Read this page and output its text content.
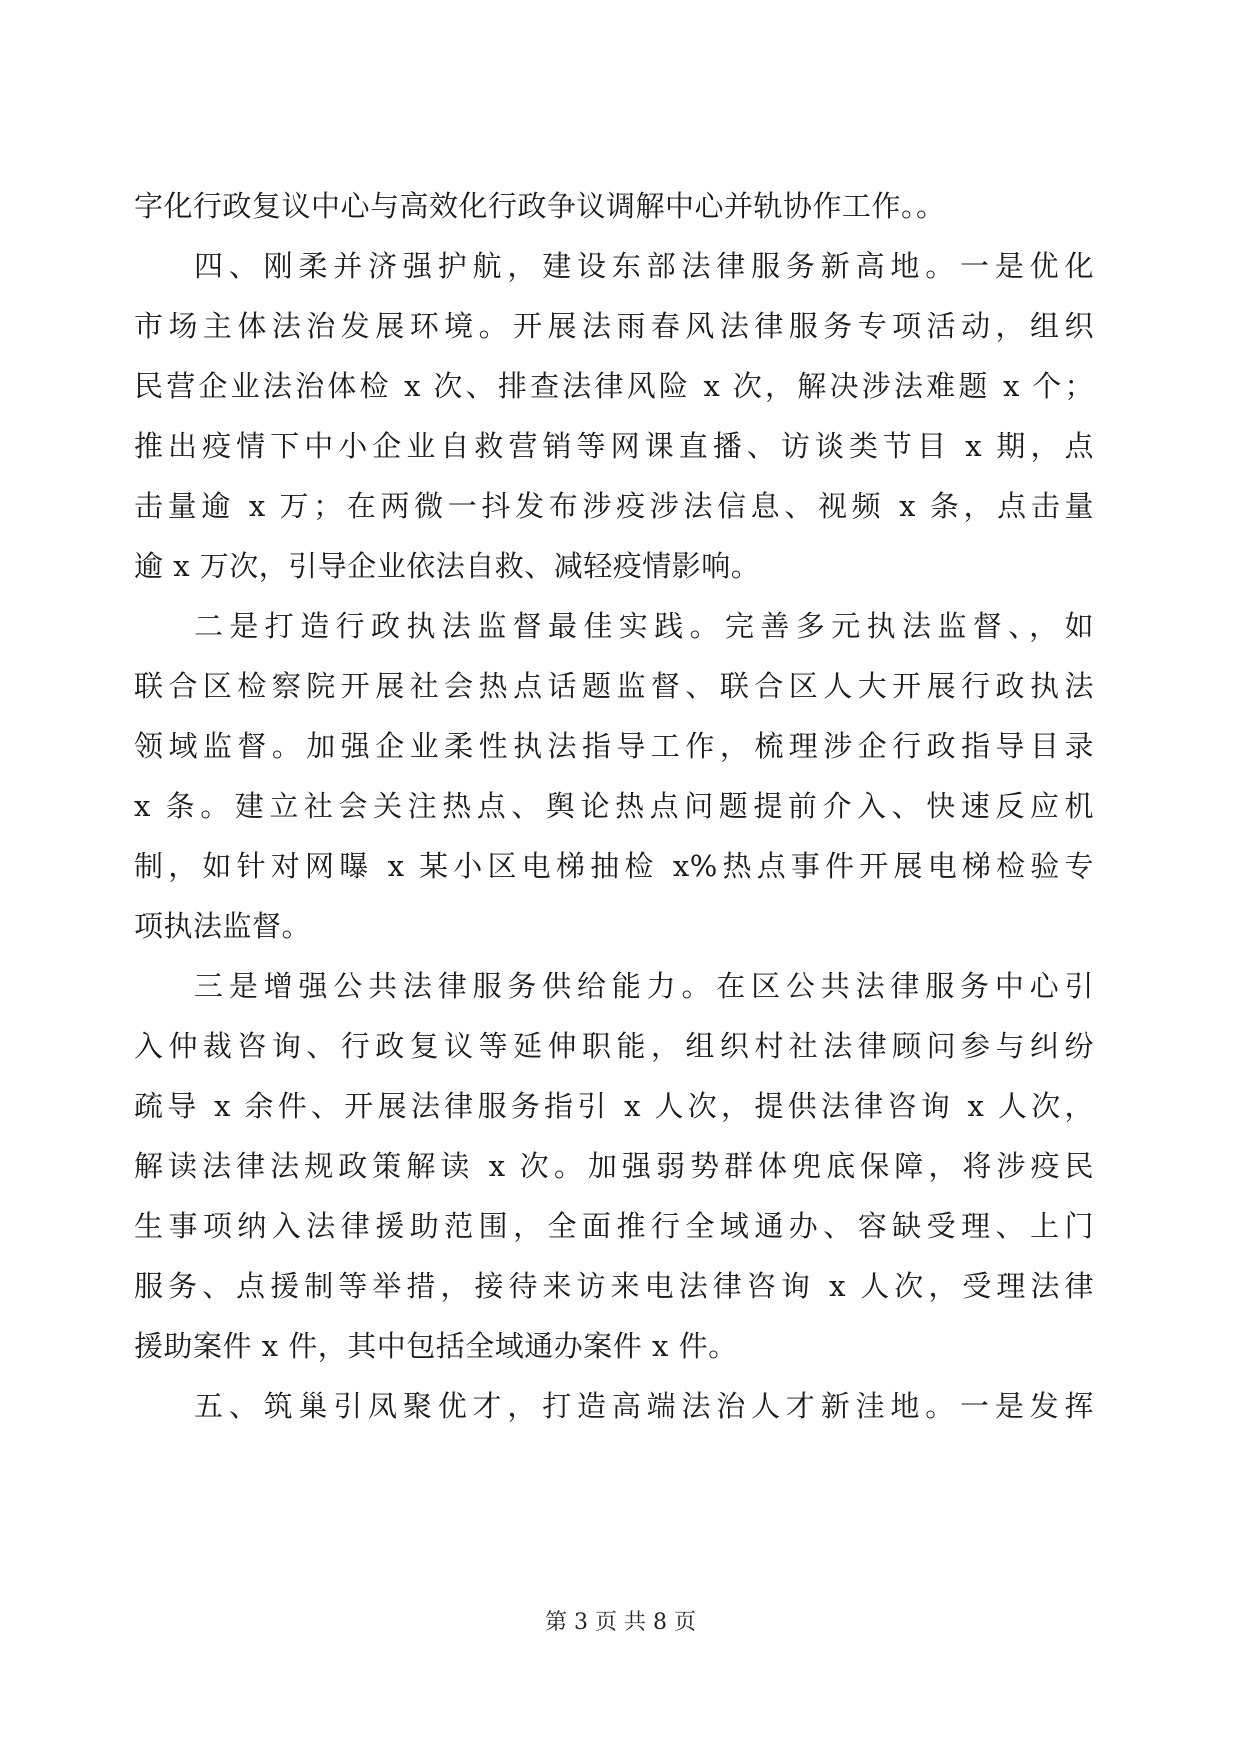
字化行政复议中心与高效化行政争议调解中心并轨协作工作。。
四、刚柔并济强护航，建设东部法律服务新高地。一是优化
市场主体法治发展环境。开展法雨春风法律服务专项活动，组织
民营企业法治体检 x 次、排查法律风险 x 次，解决涉法难题 x 个；
推出疫情下中小企业自救营销等网课直播、访谈类节目 x 期，点
击量逾 x 万；在两微一抖发布涉疫涉法信息、视频 x 条，点击量
逾 x 万次，引导企业依法自救、减轻疫情影响。
二是打造行政执法监督最佳实践。完善多元执法监督、，如
联合区检察院开展社会热点话题监督、联合区人大开展行政执法
领域监督。加强企业柔性执法指导工作，梳理涉企行政指导目录
x 条。建立社会关注热点、舆论热点问题提前介入、快速反应机
制，如针对网曝 x 某小区电梯抽检 x%热点事件开展电梯检验专
项执法监督。
三是增强公共法律服务供给能力。在区公共法律服务中心引
入仲裁咨询、行政复议等延伸职能，组织村社法律顾问参与纠纷
疏导 x 余件、开展法律服务指引 x 人次，提供法律咨询 x 人次，
解读法律法规政策解读 x 次。加强弱势群体兜底保障，将涉疫民
生事项纳入法律援助范围，全面推行全域通办、容缺受理、上门
服务、点援制等举措，接待来访来电法律咨询 x 人次，受理法律
援助案件 x 件，其中包括全域通办案件 x 件。
五、筑巢引凤聚优才，打造高端法治人才新洼地。一是发挥
第 3 页 共 8 页
